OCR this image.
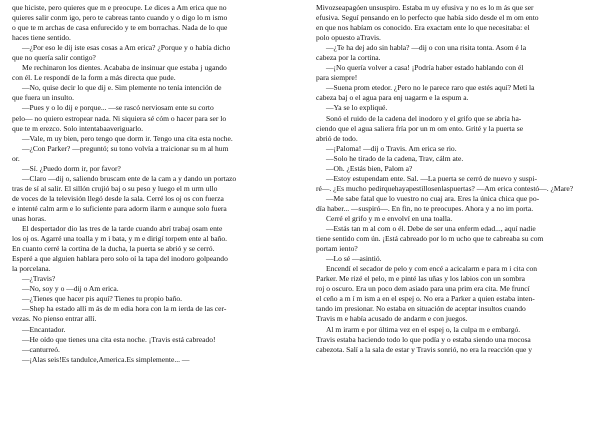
que hiciste, pero quieres que m e preocupe. Le dices a Am erica que no
quieres salir conm igo, pero te cabreas tanto cuando y o digo lo m ismo
o que te m archas de casa enfurecido y te em borrachas. Nada de lo que
haces tiene sentido.
—¿Por eso le dij iste esas cosas a Am erica? ¿Porque y o había dicho
que no quería salir contigo?
Me rechinaron los dientes. Acababa de insinuar que estaba j ugando
con él. Le respondí de la form a más directa que pude.
—No, quise decir lo que dij e. Sim plemente no tenía intención de
que fuera un insulto.
—Pues y o lo dij e porque... —se rascó nerviosam ente su corto
pelo— no quiero estropear nada. Ni siquiera sé cóm o hacer para ser lo
que te m erezco. Solo intentabaaveriguarlo.
—Vale, m uy bien, pero tengo que dorm ir. Tengo una cita esta noche.
—¿Con Parker? —preguntó; su tono volvía a traicionar su m al hum
or.
—Sí. ¿Puedo dorm ir, por favor?
—Claro —dij o, saliendo bruscam ente de la cam a y dando un portazo
tras de sí al salir. El sillón crujió baj o su peso y luego el m urm ullo
de voces de la televisión llegó desde la sala. Cerré los oj os con fuerza
e intenté calm arm e lo suficiente para adorm ilarm e aunque solo fuera
unas horas.
El despertador dio las tres de la tarde cuando abrí trabaj osam ente
los oj os. Agarré una toalla y m i bata, y m e dirigí torpem ente al baño.
En cuanto cerré la cortina de la ducha, la puerta se abrió y se cerró.
Esperé a que alguien hablara pero solo oí la tapa del inodoro golpeando
la porcelana.
—¿Travis?
—No, soy y o —dij o Am erica.
—¿Tienes que hacer pis aquí? Tienes tu propio baño.
—Shep ha estado allí m ás de m edia hora con la m ierda de las cer-
vezas. No pienso entrar allí.
—Encantador.
—He oído que tienes una cita esta noche. ¡Travis está cabreado!
—canturreó.
—¡Alas seis!Es tandulce,America.Es simplemente... —
Mivozseapagóen unsuspiro. Estaba m uy efusiva y no es lo m ás que ser
efusiva. Seguí pensando en lo perfecto que había sido desde el m om ento
en que nos habíam os conocido. Era exactam ente lo que necesitaba: el
polo opuesto aTravis.
—¿Te ha dej ado sin habla? —dij o con una risita tonta. Asom é la
cabeza por la cortina.
—¡No quería volver a casa! ¡Podría haber estado hablando con él
para siempre!
—Suena prom etedor. ¿Pero no le parece raro que estés aquí? Metí la
cabeza baj o el agua para enj uagarm e la espum a.
—Ya se lo expliqué.
Sonó el ruido de la cadena del inodoro y el grifo que se abría ha-
ciendo que el agua saliera fría por un m om ento. Grité y la puerta se
abrió de todo.
—¡Paloma! —dij o Travis. Am erica se rio.
—Solo he tirado de la cadena, Trav, cálm ate.
—Oh. ¿Estás bien, Palom a?
—Estoy estupendam ente. Sal. —La puerta se cerró de nuevo y suspi-
ré—. ¿Es mucho pedirquehayapestillosenlaspuertas? —Am erica contestó—. ¿Mare?
—Me sabe fatal que lo vuestro no cuaj ara. Eres la única chica que po-
día haber... —suspiró—. En fin, no te preocupes. Ahora y a no im porta.
Cerré el grifo y m e envolví en una toalla.
—Estás tan m al com o él. Debe de ser una enferm edad..., aquí nadie
tiene sentido com ún. ¡Está cabreado por lo m ucho que te cabreaba su com
portam iento?
—Lo sé —asintió.
Encendí el secador de pelo y com encé a acicalarm e para m i cita con
Parker. Me rizé el pelo, m e pinté las uñas y los labios con un sombra
roj o oscuro. Era un poco dem asiado para una prim era cita. Me fruncí
el ceño a m í m ism a en el espej o. No era a Parker a quien estaba inten-
tando im presionar. No estaba en situación de aceptar insultos cuando
Travis m e había acusado de andarm e con juegos.
Al m irarm e por última vez en el espej o, la culpa m e embargó.
Travis estaba haciendo todo lo que podía y o estaba siendo una mocosa
cabezota. Salí a la sala de estar y Travis sonrió, no era la reacción que y
